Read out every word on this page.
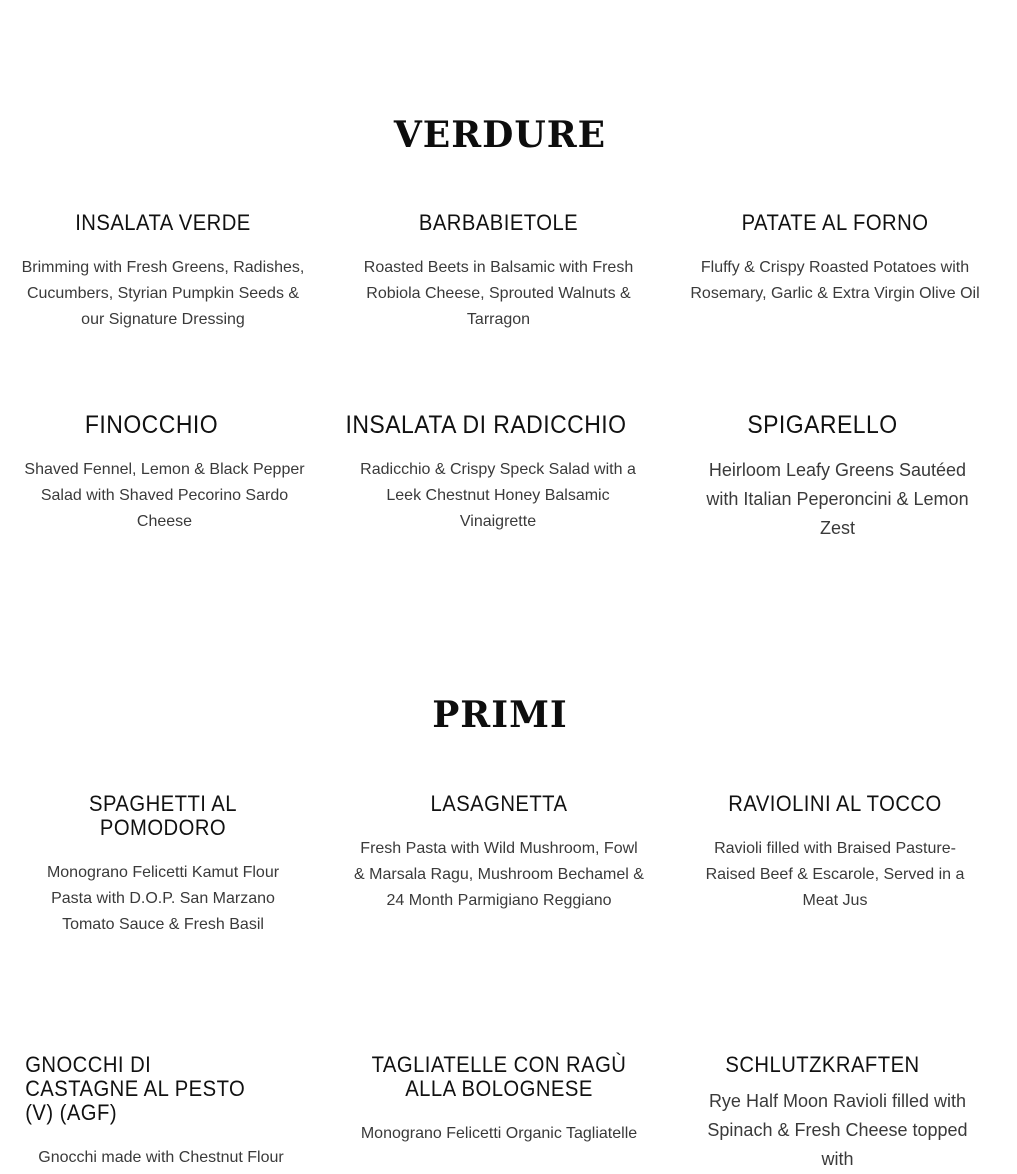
VERDURE
INSALATA VERDE

Brimming with Fresh Greens, Radishes, Cucumbers, Styrian Pumpkin Seeds & our Signature Dressing

BARBABIETOLE

Roasted Beets in Balsamic with Fresh Robiola Cheese, Sprouted Walnuts & Tarragon

PATATE AL FORNO

Fluffy & Crispy Roasted Potatoes with Rosemary, Garlic & Extra Virgin Olive Oil

FINOCCHIO

Shaved Fennel, Lemon & Black Pepper Salad with Shaved Pecorino Sardo Cheese

INSALATA DI RADICCHIO

Radicchio & Crispy Speck Salad with a Leek Chestnut Honey Balsamic Vinaigrette

SPIGARELLO

Heirloom Leafy Greens Sautéed with Italian Peperoncini & Lemon Zest

PRIMI
SPAGHETTI AL POMODORO

Monograno Felicetti Kamut Flour Pasta with D.O.P. San Marzano Tomato Sauce & Fresh Basil

LASAGNETTA

Fresh Pasta with Wild Mushroom, Fowl & Marsala Ragu, Mushroom Bechamel & 24 Month Parmigiano Reggiano

RAVIOLINI AL TOCCO

Ravioli filled with Braised Pasture-Raised Beef & Escarole, Served in a Meat Jus

GNOCCHI DI CASTAGNE AL PESTO (V) (AGF)

Gnocchi made with Chestnut Flour

TAGLIATELLE CON RAGÙ ALLA BOLOGNESE

Monograno Felicetti Organic Tagliatelle

SCHLUTZKRAFTEN

Rye Half Moon Ravioli filled with Spinach & Fresh Cheese topped with
